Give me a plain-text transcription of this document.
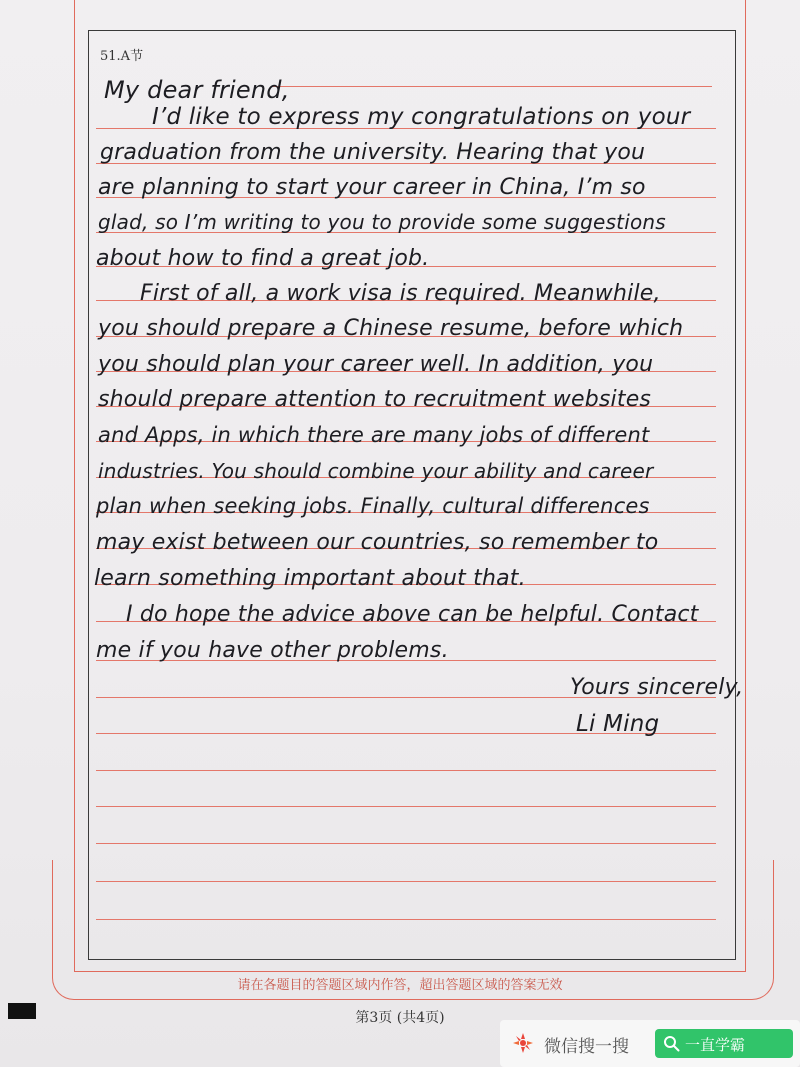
51.A节
My dear friend,
I’d like to express my congratulations on your
graduation from the university. Hearing that you
are planning to start your career in China, I’m so
glad, so I’m writing to you to provide some suggestions
about how to find a great job.
First of all, a work visa is required. Meanwhile,
you should prepare a Chinese resume, before which
you should plan your career well. In addition, you
should prepare attention to recruitment websites
and Apps, in which there are many jobs of different
industries. You should combine your ability and career
plan when seeking jobs. Finally, cultural differences
may exist between our countries, so remember to
learn something important about that.
I do hope the advice above can be helpful. Contact
me if you have other problems.
Yours sincerely,
Li Ming
请在各题目的答题区域内作答，超出答题区域的答案无效
第3页 (共4页)
微信搜一搜	一直学霸
